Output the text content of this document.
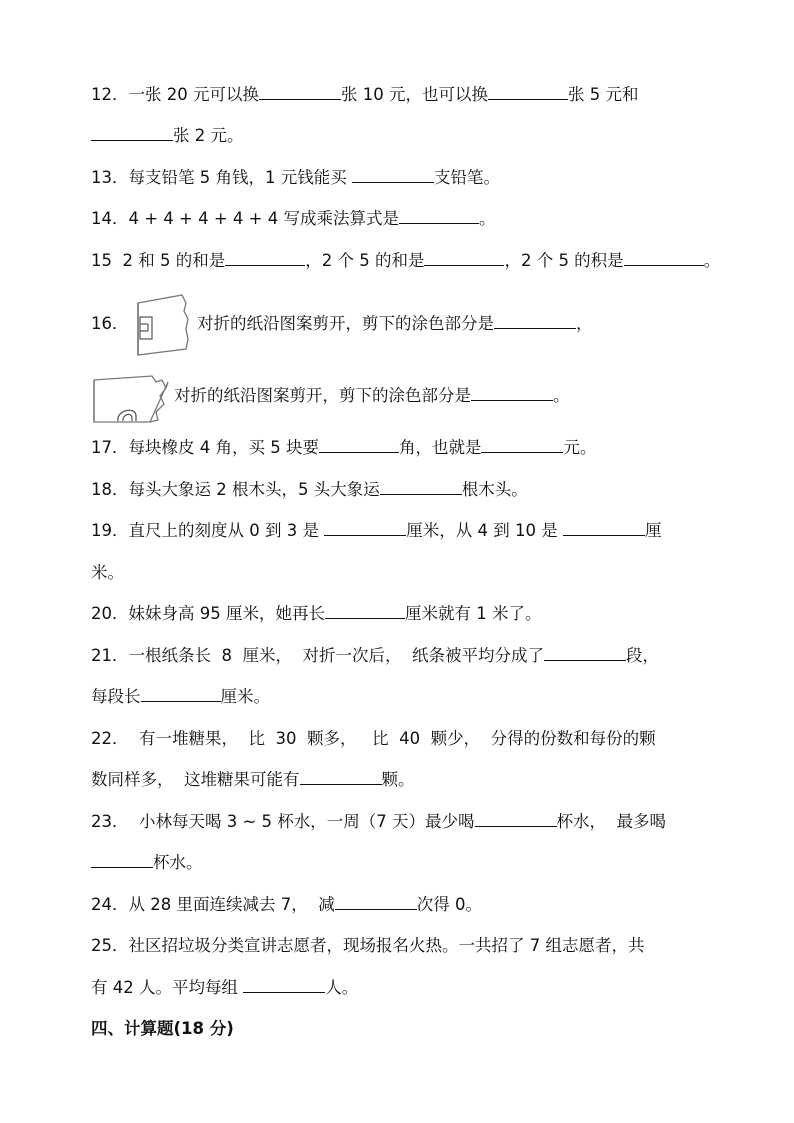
12．一张 20 元可以换	张 10 元，也可以换	张 5 元和
张 2 元。
13．每支铅笔 5 角钱，1 元钱能买	支铅笔。
14．4 + 4 + 4 + 4 + 4 写成乘法算式是	。
15  2 和 5 的和是	，2 个 5 的和是	，2 个 5 的积是	。
16．	对折的纸沿图案剪开，剪下的涂色部分是	，
对折的纸沿图案剪开，剪下的涂色部分是	。
17．每块橡皮 4 角，买 5 块要	角，也就是	元。
18．每头大象运 2 根木头，5 头大象运	根木头。
19．直尺上的刻度从 0 到 3 是	厘米，从 4 到 10 是	厘
米。
20．妹妹身高 95 厘米，她再长	厘米就有 1 米了。
21．一根纸条长  8  厘米，  对折一次后，  纸条被平均分成了	段，
每段长	厘米。
22．  有一堆糖果，  比  30  颗多，   比  40  颗少，  分得的份数和每份的颗
数同样多，  这堆糖果可能有	颗。
23．  小林每天喝 3 ~ 5 杯水，一周（7 天）最少喝	杯水，  最多喝
杯水。
24．从 28 里面连续减去 7，  减	次得 0。
25．社区招垃圾分类宣讲志愿者，现场报名火热。一共招了 7 组志愿者，共
有 42 人。平均每组	人。
四、计算题(18 分)
